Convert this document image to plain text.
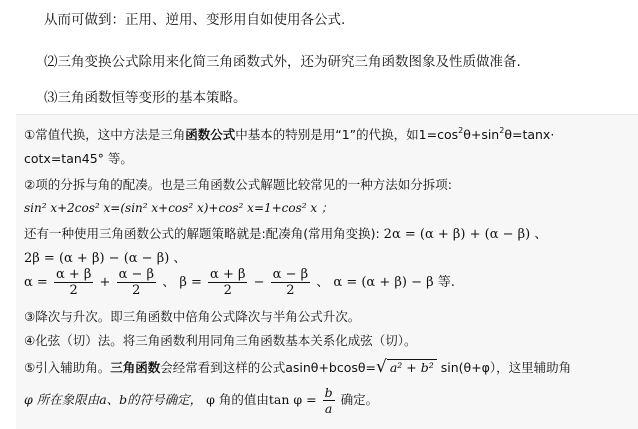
从而可做到：正用、逆用、变形用自如使用各公式.
⑵三角变换公式除用来化简三角函数式外，还为研究三角函数图象及性质做准备.
⑶三角函数恒等变形的基本策略。
①常值代换，这中方法是三角函数公式中基本的特别是用“1”的代换，如$1=\cos^2\theta+\sin^2\theta=\tan x\cdot$
cotx=tan45° 等。
②项的分拆与角的配凑。也是三角函数公式解题比较常见的一种方法如分拆项:
sin² x+2cos² x=(sin² x+cos² x)+cos² x=1+cos² x ；
还有一种使用三角函数公式的解题策略就是:配凑角(常用角变换): 2α = (α + β) + (α − β) 、
2β = (α + β) − (α − β) 、
$\alpha = \frac{\alpha + \beta}{2} + \frac{\alpha - \beta}{2}$ 、 $\beta = \frac{\alpha + \beta}{2} - \frac{\alpha - \beta}{2}$ 、 α = (α + β) − β 等.
③降次与升次。即三角函数中倍角公式降次与半角公式升次。
④化弦（切）法。将三角函数利用同角三角函数基本关系化成弦（切）。
⑤引入辅助角。三角函数会经常看到这样的公式asinθ+bcosθ=√ a² + b² sin(θ+φ），这里辅助角
φ 所在象限由a、b的符号确定， φ 角的值由$\tan \varphi = \frac{b}{a}$ 确定。
